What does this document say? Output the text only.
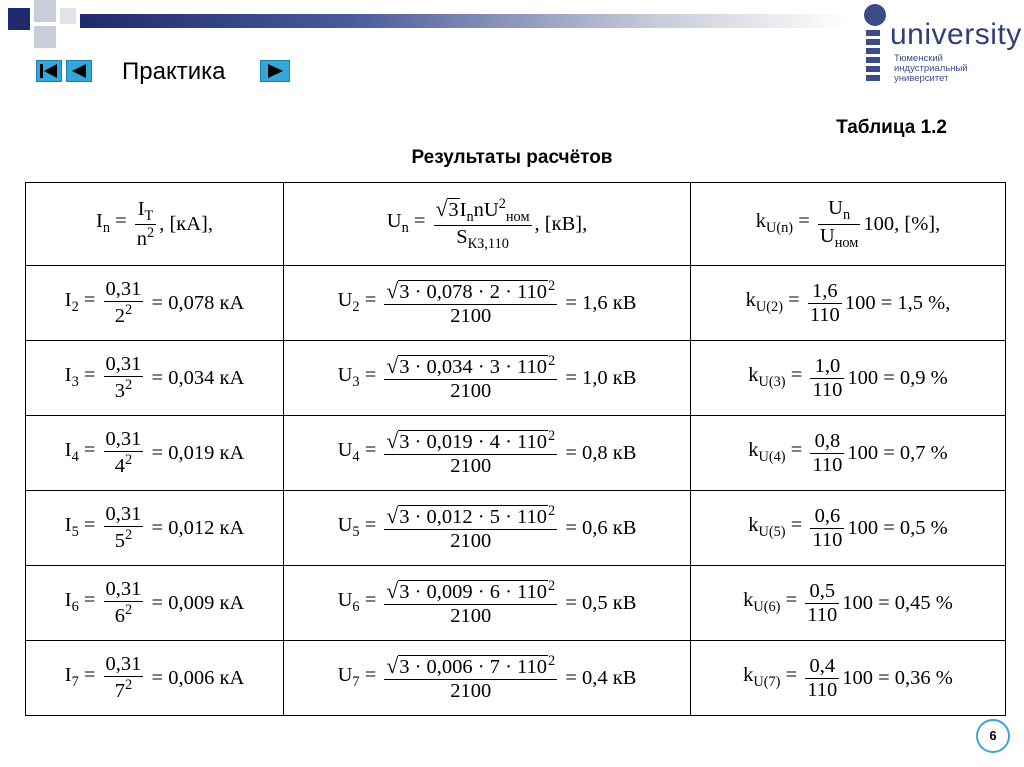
Практика
university
Тюменский
индустриальный
университет
Таблица 1.2
Результаты расчётов
$I_n = \frac{I_T}{n^2}$ , [кА],	$U_n = \frac{√3I_nnU^2_{ном}}{S_{КЗ,110}}$ , [кВ],	$k_{U(n)} = \frac{U_n}{U_{ном}} 100$, [%],
$I_2 = \frac{0,31}{2^2} = 0,078$ кА	$U_2 = \frac{√3 \cdot 0,078 \cdot 2 \cdot 110^2}{2100} = 1,6$ кВ	$k_{U(2)} = \frac{1,6}{110} 100 = 1,5$ %,
$I_3 = \frac{0,31}{3^2} = 0,034$ кА	$U_3 = \frac{√3 \cdot 0,034 \cdot 3 \cdot 110^2}{2100} = 1,0$ кВ	$k_{U(3)} = \frac{1,0}{110} 100 = 0,9$ %
$I_4 = \frac{0,31}{4^2} = 0,019$ кА	$U_4 = \frac{√3 \cdot 0,019 \cdot 4 \cdot 110^2}{2100} = 0,8$ кВ	$k_{U(4)} = \frac{0,8}{110} 100 = 0,7$ %
$I_5 = \frac{0,31}{5^2} = 0,012$ кА	$U_5 = \frac{√3 \cdot 0,012 \cdot 5 \cdot 110^2}{2100} = 0,6$ кВ	$k_{U(5)} = \frac{0,6}{110} 100 = 0,5$ %
$I_6 = \frac{0,31}{6^2} = 0,009$ кА	$U_6 = \frac{√3 \cdot 0,009 \cdot 6 \cdot 110^2}{2100} = 0,5$ кВ	$k_{U(6)} = \frac{0,5}{110} 100 = 0,45$ %
$I_7 = \frac{0,31}{7^2} = 0,006$ кА	$U_7 = \frac{√3 \cdot 0,006 \cdot 7 \cdot 110^2}{2100} = 0,4$ кВ	$k_{U(7)} = \frac{0,4}{110} 100 = 0,36$ %
6
